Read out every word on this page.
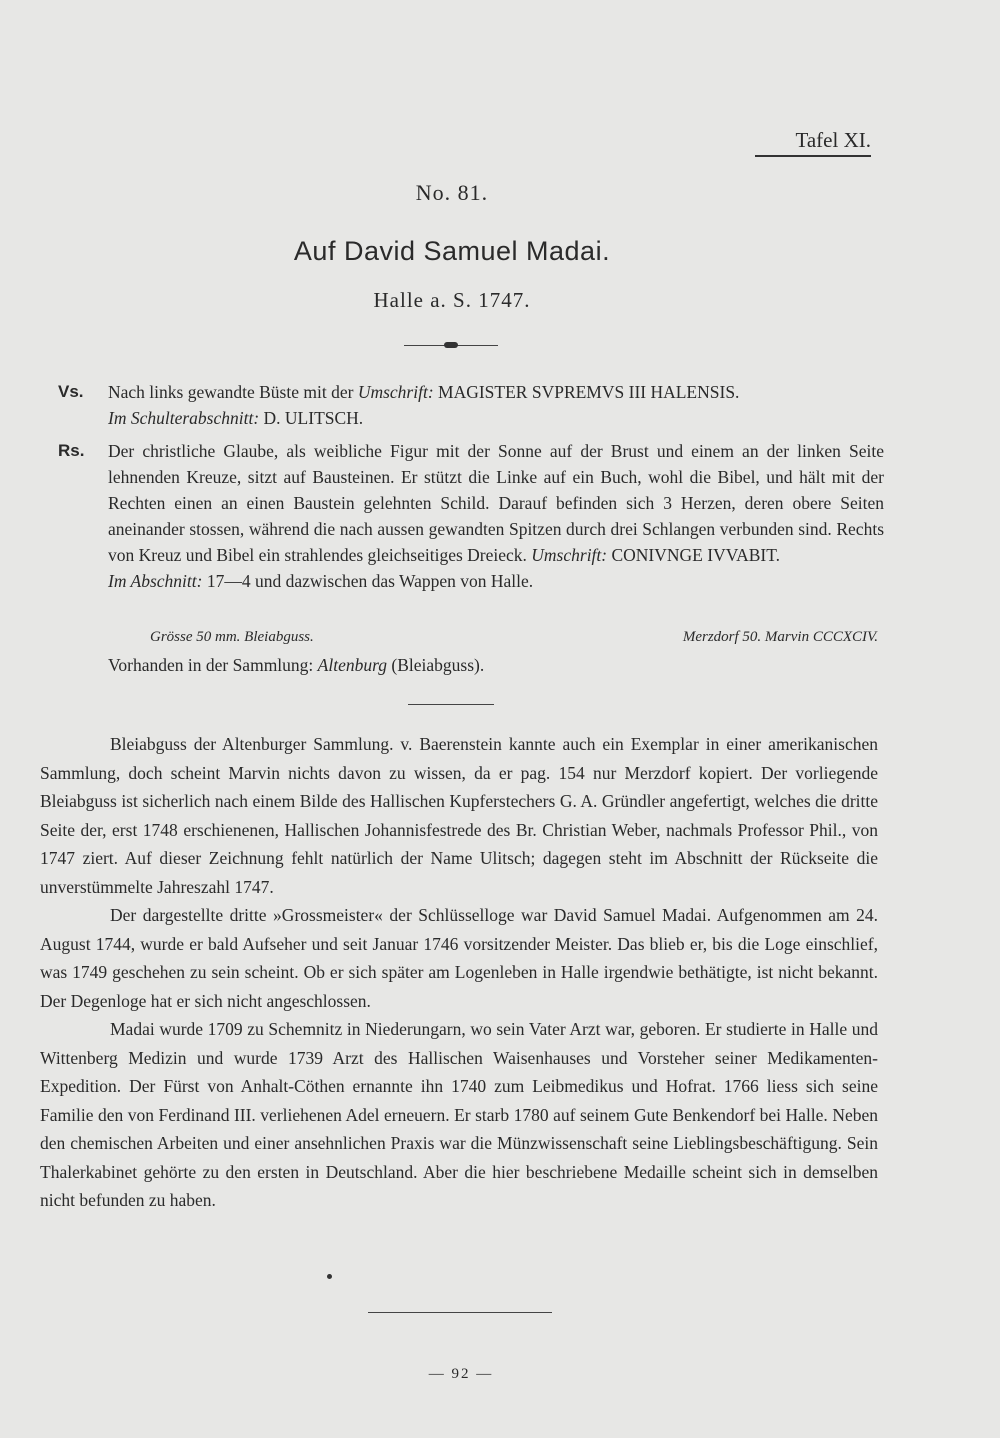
Tafel XI.
No. 81.
Auf David Samuel Madai.
Halle a. S. 1747.
Vs. Nach links gewandte Büste mit der Umschrift: MAGISTER SVPREMVS III HALENSIS.
Im Schulterabschnitt: D. ULITSCH.
Rs. Der christliche Glaube, als weibliche Figur mit der Sonne auf der Brust und einem an der linken Seite lehnenden Kreuze, sitzt auf Bausteinen. Er stützt die Linke auf ein Buch, wohl die Bibel, und hält mit der Rechten einen an einen Baustein gelehnten Schild. Darauf befinden sich 3 Herzen, deren obere Seiten aneinander stossen, während die nach aussen gewandten Spitzen durch drei Schlangen verbunden sind. Rechts von Kreuz und Bibel ein strahlendes gleichseitiges Dreieck. Umschrift: CONIVNGE IVVABIT.
Im Abschnitt: 17—4 und dazwischen das Wappen von Halle.
Grösse 50 mm. Bleiabguss.	Merzdorf 50. Marvin CCCXCIV.
Vorhanden in der Sammlung: Altenburg (Bleiabguss).

Bleiabguss der Altenburger Sammlung. v. Baerenstein kannte auch ein Exemplar in einer amerikanischen Sammlung, doch scheint Marvin nichts davon zu wissen, da er pag. 154 nur Merzdorf kopiert. Der vorliegende Bleiabguss ist sicherlich nach einem Bilde des Hallischen Kupferstechers G. A. Gründler angefertigt, welches die dritte Seite der, erst 1748 erschienenen, Hallischen Johannisfestrede des Br. Christian Weber, nachmals Professor Phil., von 1747 ziert. Auf dieser Zeichnung fehlt natürlich der Name Ulitsch; dagegen steht im Abschnitt der Rückseite die unverstümmelte Jahreszahl 1747.

Der dargestellte dritte »Grossmeister« der Schlüsselloge war David Samuel Madai. Aufgenommen am 24. August 1744, wurde er bald Aufseher und seit Januar 1746 vorsitzender Meister. Das blieb er, bis die Loge einschlief, was 1749 geschehen zu sein scheint. Ob er sich später am Logenleben in Halle irgendwie bethätigte, ist nicht bekannt. Der Degenloge hat er sich nicht angeschlossen.

Madai wurde 1709 zu Schemnitz in Niederungarn, wo sein Vater Arzt war, geboren. Er studierte in Halle und Wittenberg Medizin und wurde 1739 Arzt des Hallischen Waisenhauses und Vorsteher seiner Medikamenten-Expedition. Der Fürst von Anhalt-Cöthen ernannte ihn 1740 zum Leibmedikus und Hofrat. 1766 liess sich seine Familie den von Ferdinand III. verliehenen Adel erneuern. Er starb 1780 auf seinem Gute Benkendorf bei Halle. Neben den chemischen Arbeiten und einer ansehnlichen Praxis war die Münzwissenschaft seine Lieblingsbeschäftigung. Sein Thalerkabinet gehörte zu den ersten in Deutschland. Aber die hier beschriebene Medaille scheint sich in demselben nicht befunden zu haben.

— 92 —
